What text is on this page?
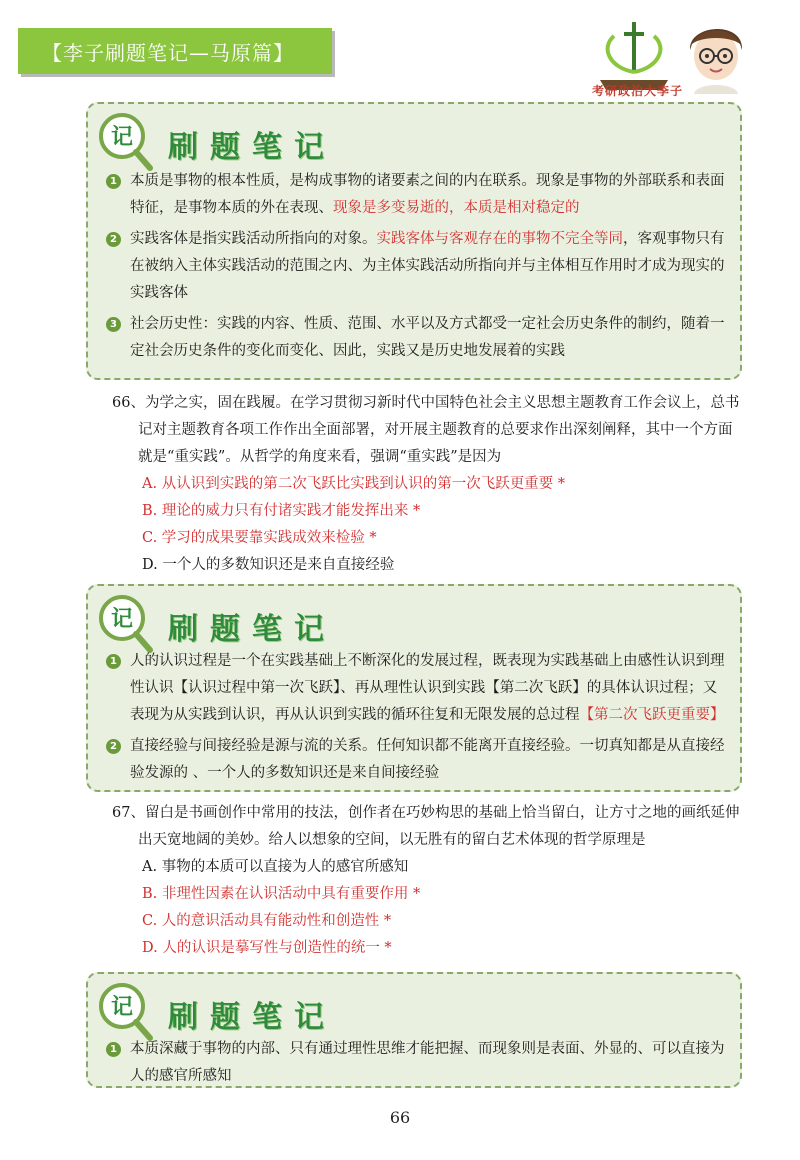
【李子刷题笔记—马原篇】
考研政治大李子
记 刷题笔记
1 本质是事物的根本性质，是构成事物的诸要素之间的内在联系。现象是事物的外部联系和表面特征，是事物本质的外在表现、现象是多变易逝的，本质是相对稳定的
2 实践客体是指实践活动所指向的对象。实践客体与客观存在的事物不完全等同，客观事物只有在被纳入主体实践活动的范围之内、为主体实践活动所指向并与主体相互作用时才成为现实的实践客体
3 社会历史性：实践的内容、性质、范围、水平以及方式都受一定社会历史条件的制约，随着一定社会历史条件的变化而变化、因此，实践又是历史地发展着的实践
66、为学之实，固在践履。在学习贯彻习新时代中国特色社会主义思想主题教育工作会议上，总书记对主题教育各项工作作出全面部署，对开展主题教育的总要求作出深刻阐释，其中一个方面就是“重实践”。从哲学的角度来看，强调“重实践”是因为
A. 从认识到实践的第二次飞跃比实践到认识的第一次飞跃更重要 *
B. 理论的威力只有付诸实践才能发挥出来 *
C. 学习的成果要靠实践成效来检验 *
D. 一个人的多数知识还是来自直接经验
记 刷题笔记
1 人的认识过程是一个在实践基础上不断深化的发展过程，既表现为实践基础上由感性认识到理性认识【认识过程中第一次飞跃】、再从理性认识到实践【第二次飞跃】的具体认识过程；又表现为从实践到认识，再从认识到实践的循环往复和无限发展的总过程【第二次飞跃更重要】
2 直接经验与间接经验是源与流的关系。任何知识都不能离开直接经验。一切真知都是从直接经验发源的 、一个人的多数知识还是来自间接经验
67、留白是书画创作中常用的技法，创作者在巧妙构思的基础上恰当留白，让方寸之地的画纸延伸出天宽地阔的美妙。给人以想象的空间，以无胜有的留白艺术体现的哲学原理是
A. 事物的本质可以直接为人的感官所感知
B. 非理性因素在认识活动中具有重要作用 *
C. 人的意识活动具有能动性和创造性 *
D. 人的认识是摹写性与创造性的统一 *
记 刷题笔记
1 本质深藏于事物的内部、只有通过理性思维才能把握、而现象则是表面、外显的、可以直接为人的感官所感知
66
